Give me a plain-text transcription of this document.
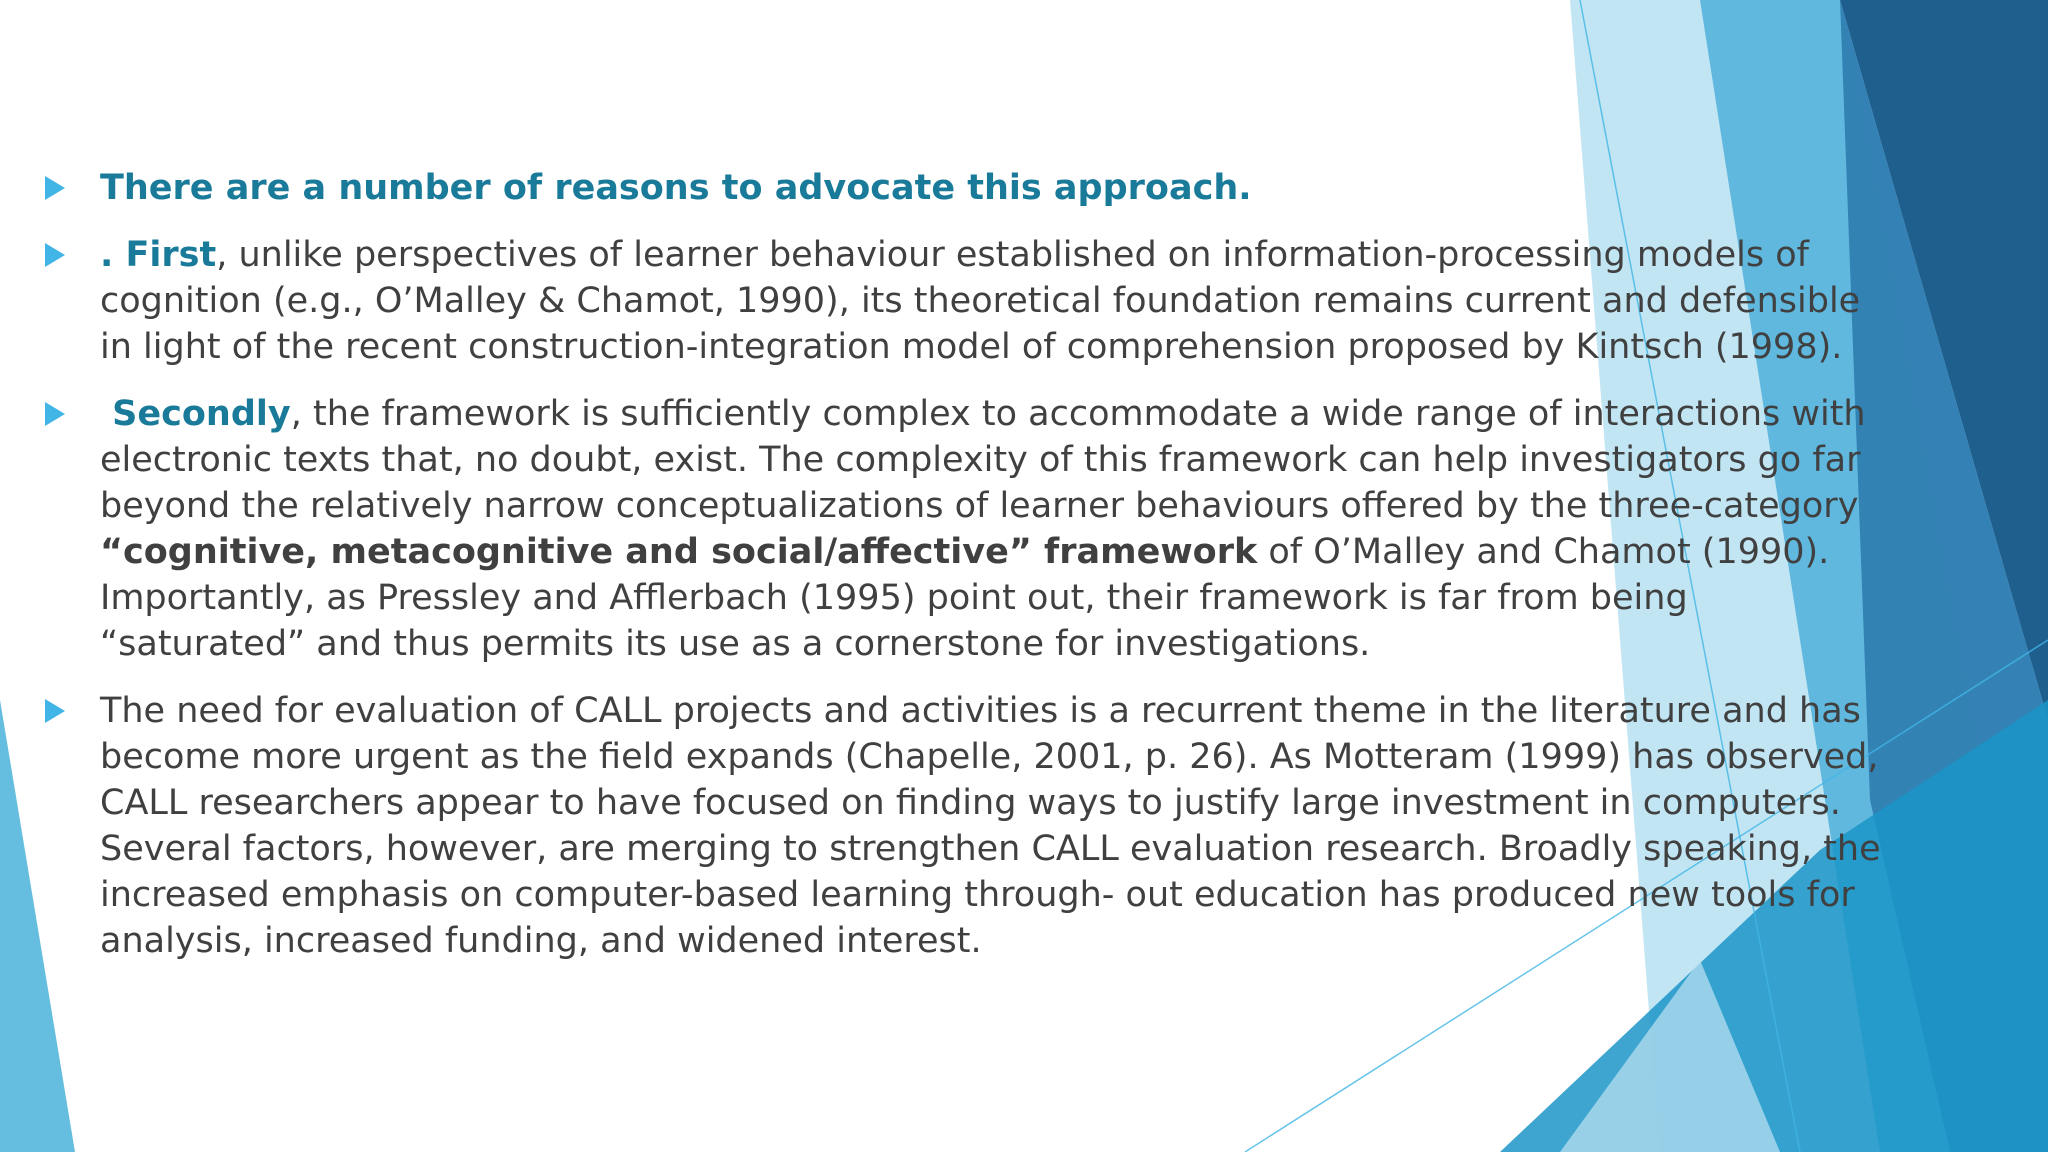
There are a number of reasons to advocate this approach.
. First, unlike perspectives of learner behaviour established on information-processing models of cognition (e.g., O’Malley & Chamot, 1990), its theoretical foundation remains current and defensible in light of the recent construction-integration model of comprehension proposed by Kintsch (1998).
Secondly, the framework is sufficiently complex to accommodate a wide range of interactions with electronic texts that, no doubt, exist. The complexity of this framework can help investigators go far beyond the relatively narrow conceptualizations of learner behaviours offered by the three-category “cognitive, metacognitive and social/affective” framework of O’Malley and Chamot (1990). Importantly, as Pressley and Afflerbach (1995) point out, their framework is far from being “saturated” and thus permits its use as a cornerstone for investigations.
The need for evaluation of CALL projects and activities is a recurrent theme in the literature and has become more urgent as the field expands (Chapelle, 2001, p. 26). As Motteram (1999) has observed, CALL researchers appear to have focused on finding ways to justify large investment in computers. Several factors, however, are merging to strengthen CALL evaluation research. Broadly speaking, the increased emphasis on computer-based learning through- out education has produced new tools for analysis, increased funding, and widened interest.
